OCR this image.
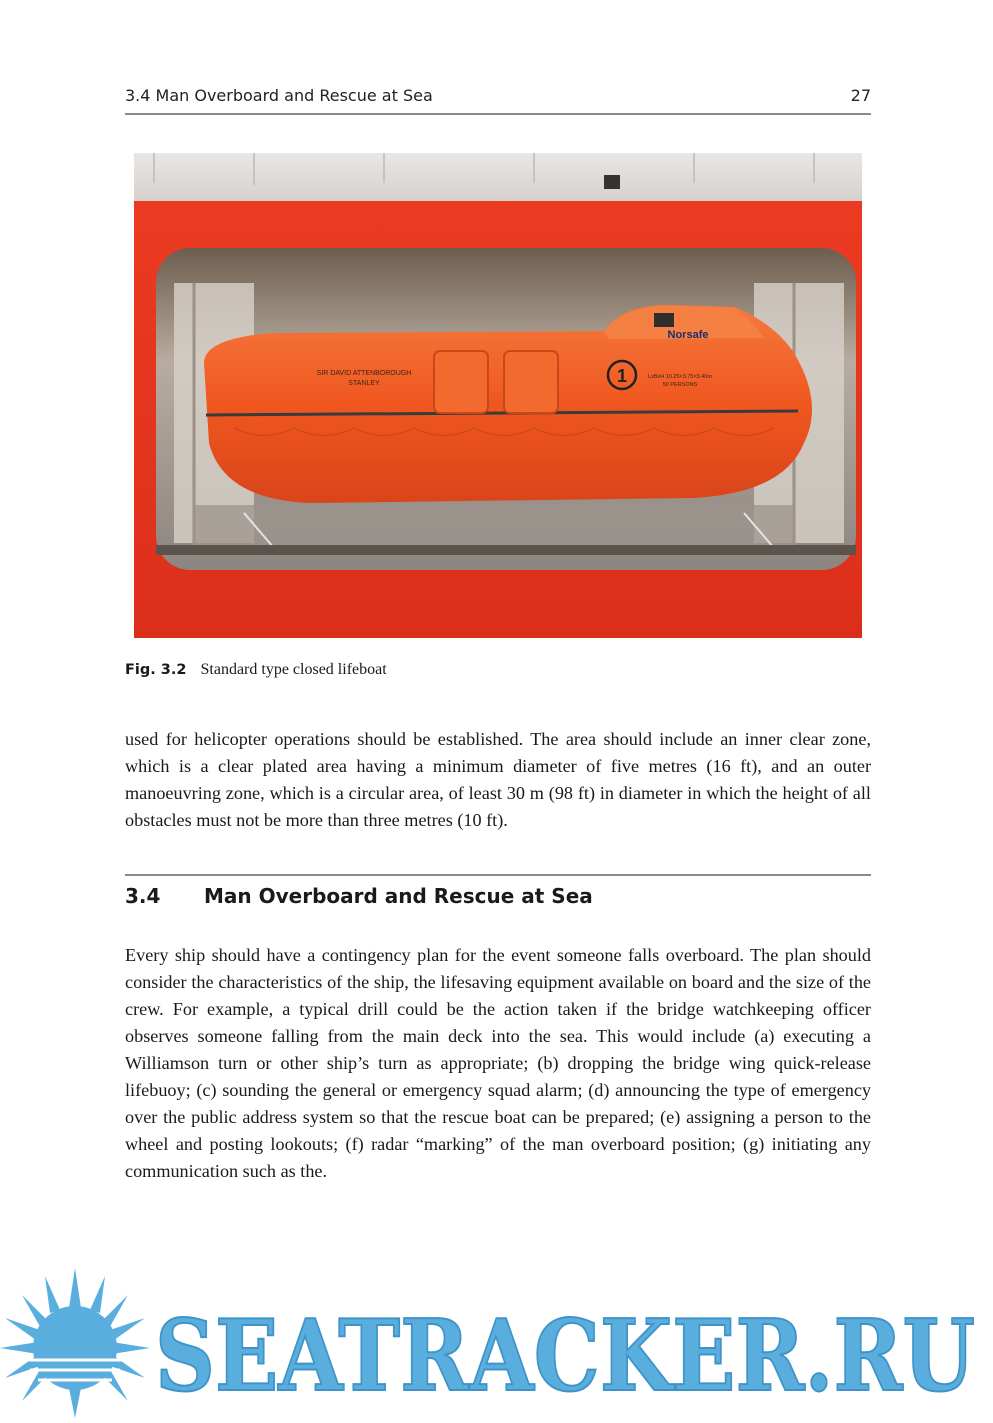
3.4 Man Overboard and Rescue at Sea	27
1
SIR DAVID ATTENBOROUGH
STANLEY
Norsafe
LxBxH 10.25×3.75×3.40m
50 PERSONS
Fig. 3.2 Standard type closed lifeboat

used for helicopter operations should be established. The area should include an inner clear zone, which is a clear plated area having a minimum diameter of five metres (16 ft), and an outer manoeuvring zone, which is a circular area, of least 30 m (98 ft) in diameter in which the height of all obstacles must not be more than three metres (10 ft).

3.4 Man Overboard and Rescue at Sea

Every ship should have a contingency plan for the event someone falls overboard. The plan should consider the characteristics of the ship, the lifesaving equipment available on board and the size of the crew. For example, a typical drill could be the action taken if the bridge watchkeeping officer observes someone falling from the main deck into the sea. This would include (a) executing a Williamson turn or other ship’s turn as appropriate; (b) dropping the bridge wing quick-release lifebuoy; (c) sounding the general or emergency squad alarm; (d) announcing the type of emergency over the public address system so that the rescue boat can be prepared; (e) assigning a person to the wheel and posting lookouts; (f) radar “marking” of the man overboard position; (g) initiating any communication such as the.

SEATRACKER.RU
